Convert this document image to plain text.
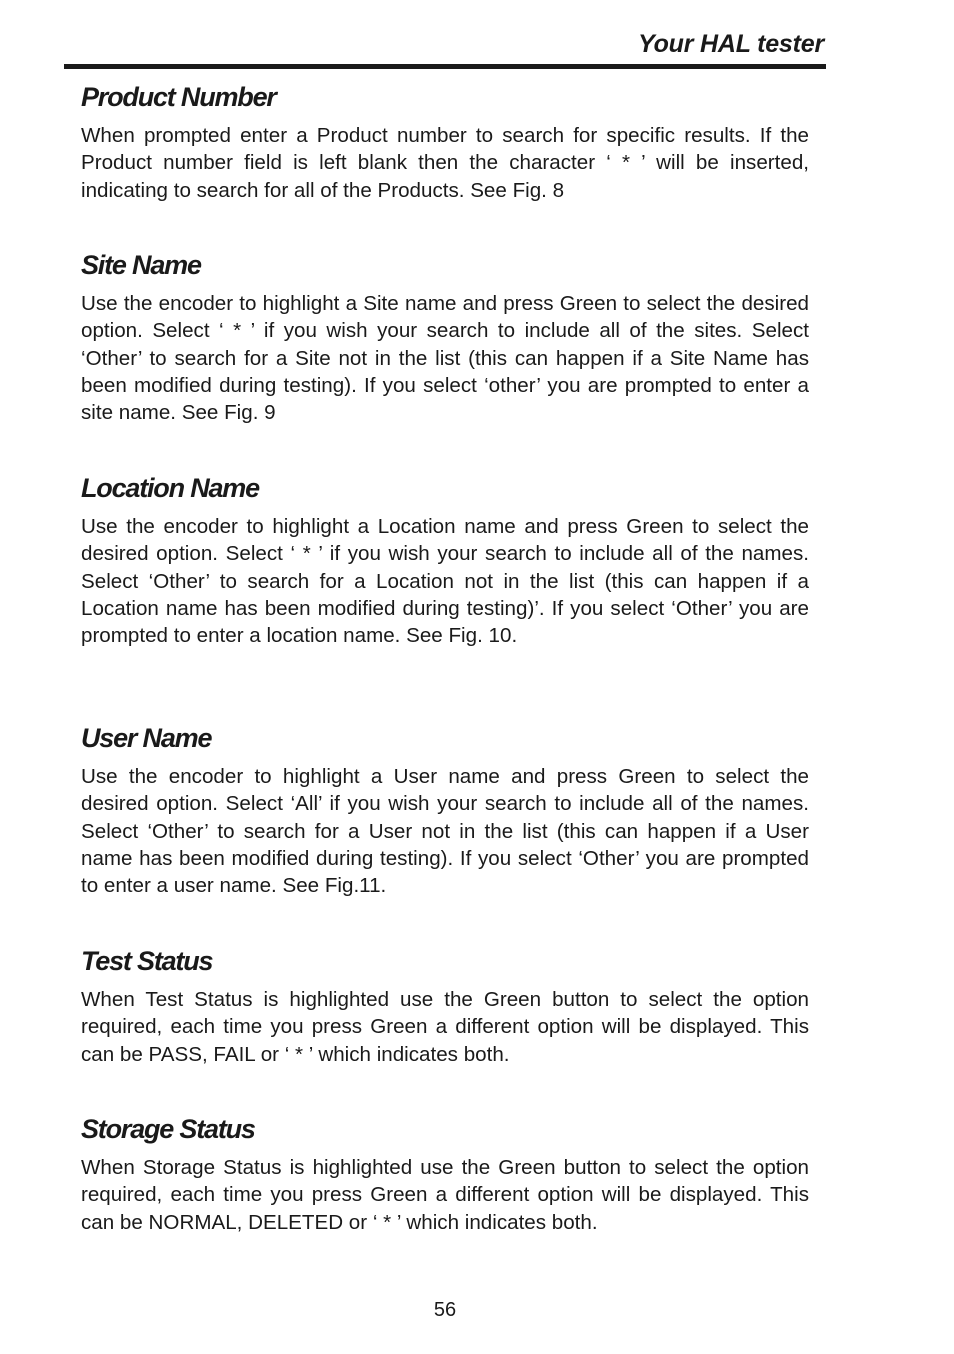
Your HAL tester
Product Number

When prompted enter a Product number to search for specific results. If the Product number field is left blank then the character ‘ * ’ will be inserted, indicating to search for all of the Products. See Fig. 8

Site Name

Use the encoder to highlight a Site name and press Green to select the desired option. Select ‘ * ’ if you wish your search to include all of the sites. Select ‘Other’ to search for a Site not in the list (this can happen if a Site Name has been modified during testing). If you select ‘other’ you are prompted to enter a site name. See Fig. 9

Location Name

Use the encoder to highlight a Location name and press Green to select the desired option. Select ‘ * ’ if you wish your search to include all of the names. Select ‘Other’ to search for a Location not in the list (this can happen if a Location name has been modified during testing)’. If you select ‘Other’ you are prompted to enter a location name. See Fig. 10.

User Name

Use the encoder to highlight a User name and press Green to select the desired option. Select ‘All’ if you wish your search to include all of the names. Select ‘Other’ to search for a User not in the list (this can happen if a User name has been modified during testing). If you select ‘Other’ you are prompted to enter a user name. See Fig.11.

Test Status

When Test Status is highlighted use the Green button to select the option required, each time you press Green a different option will be displayed. This can be PASS, FAIL or ‘ * ’ which indicates both.

Storage Status

When Storage Status is highlighted use the Green button to select the option required, each time you press Green a different option will be displayed. This can be NORMAL, DELETED or ‘ * ’ which indicates both.

56
